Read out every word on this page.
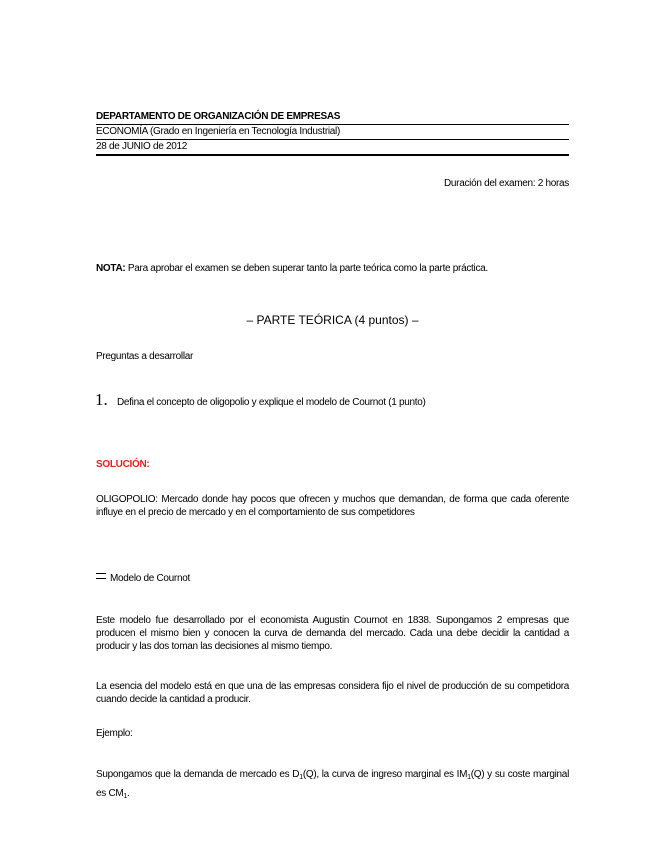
DEPARTAMENTO DE ORGANIZACIÓN DE EMPRESAS
ECONOMÍA (Grado en Ingeniería en Tecnología Industrial)
28 de JUNIO de 2012
Duración del examen: 2 horas
NOTA: Para aprobar el examen se deben superar tanto la parte teórica como la parte práctica.
– PARTE TEÓRICA (4 puntos) –
Preguntas a desarrollar
1. Defina el concepto de oligopolio y explique el modelo de Cournot (1 punto)
SOLUCIÓN:
OLIGOPOLIO: Mercado donde hay pocos que ofrecen y muchos que demandan, de forma que cada oferente influye en el precio de mercado y en el comportamiento de sus competidores
Modelo de Cournot
Este modelo fue desarrollado por el economista Augustin Cournot en 1838. Supongamos 2 empresas que producen el mismo bien y conocen la curva de demanda del mercado. Cada una debe decidir la cantidad a producir y las dos toman las decisiones al mismo tiempo.
La esencia del modelo está en que una de las empresas considera fijo el nivel de producción de su competidora cuando decide la cantidad a producir.
Ejemplo:
Supongamos que la demanda de mercado es $D_1(Q)$, la curva de ingreso marginal es $IM_1(Q)$ y su coste marginal es $CM_1$.
